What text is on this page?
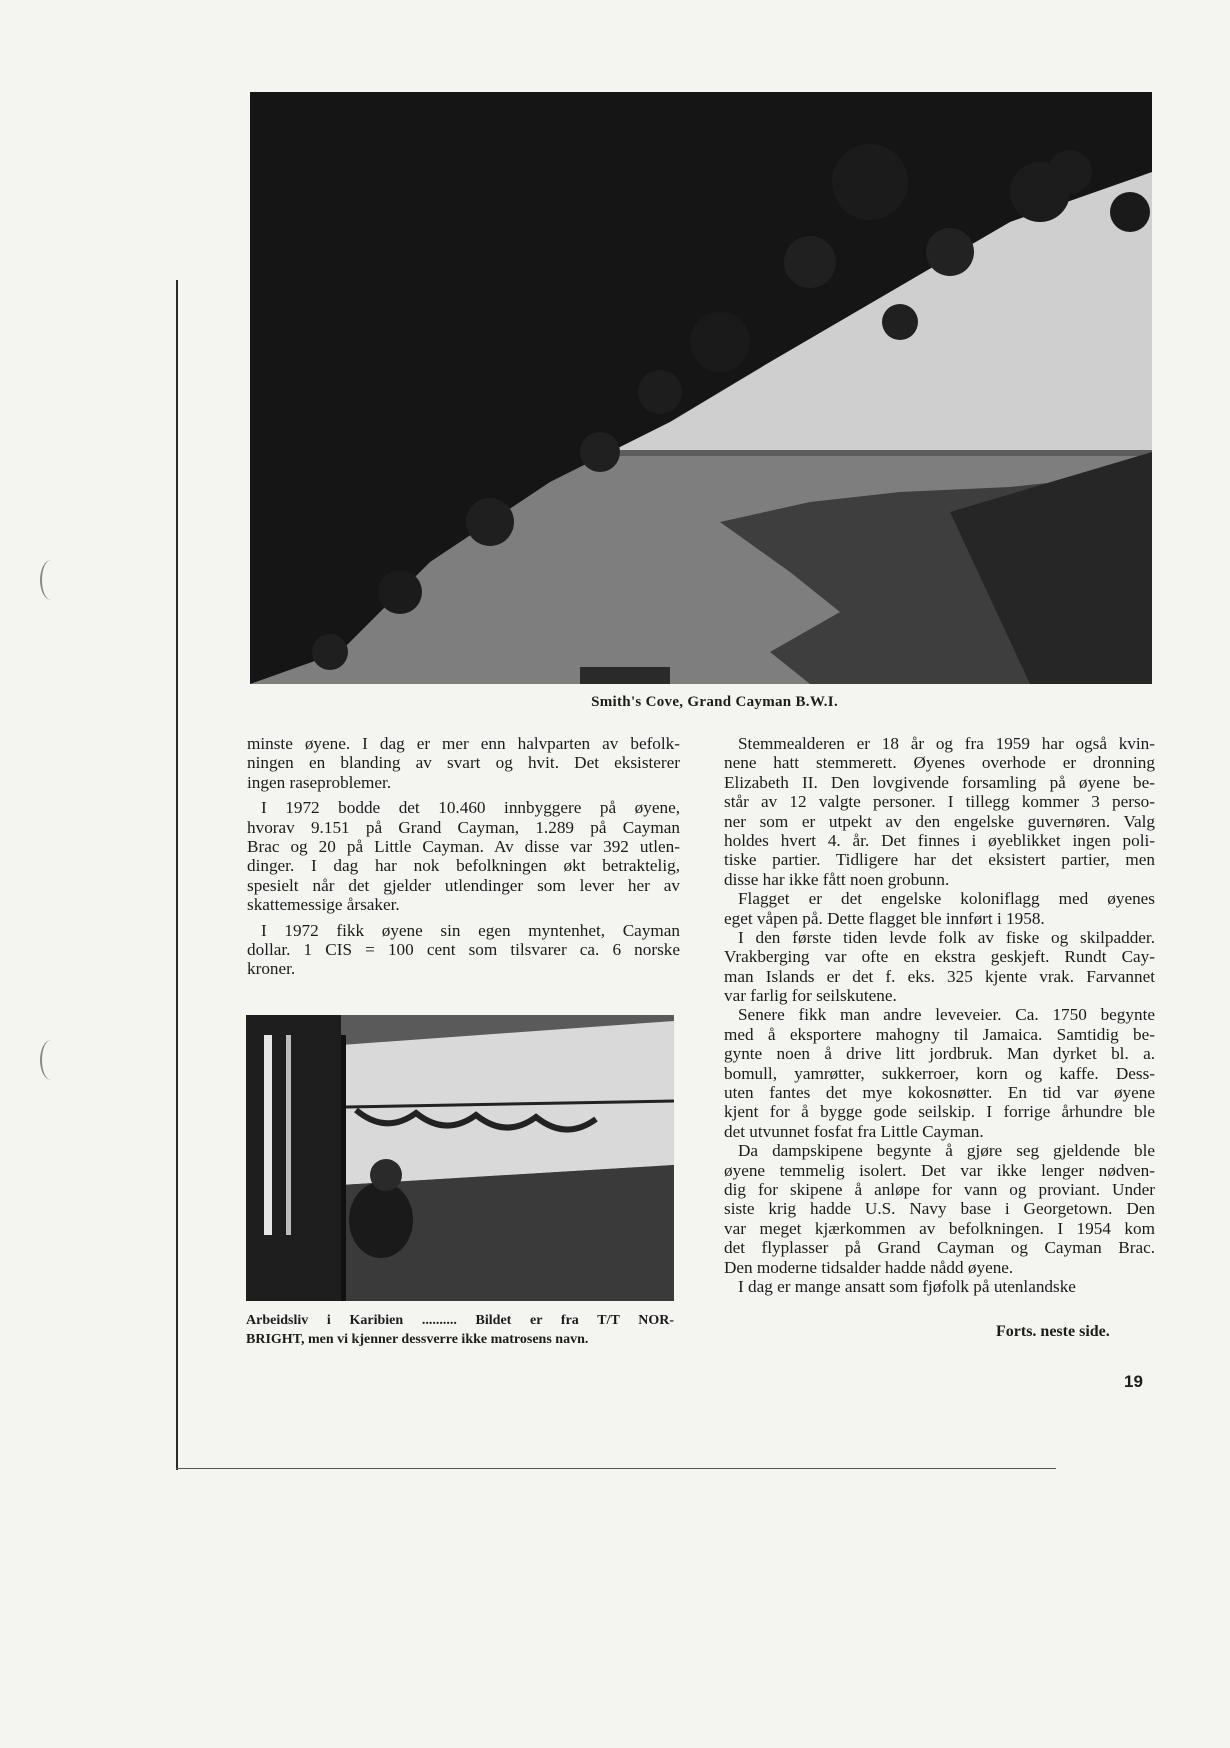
Smith's Cove, Grand Cayman B.W.I.
minste øyene. I dag er mer enn halvparten av befolk-
ningen en blanding av svart og hvit. Det eksisterer
ingen raseproblemer.
I 1972 bodde det 10.460 innbyggere på øyene,
hvorav 9.151 på Grand Cayman, 1.289 på Cayman
Brac og 20 på Little Cayman. Av disse var 392 utlen-
dinger. I dag har nok befolkningen økt betraktelig,
spesielt når det gjelder utlendinger som lever her av
skattemessige årsaker.
I 1972 fikk øyene sin egen myntenhet, Cayman
dollar. 1 CIS = 100 cent som tilsvarer ca. 6 norske
kroner.
Arbeidsliv i Karibien .......... Bildet er fra T/T NOR-
BRIGHT, men vi kjenner dessverre ikke matrosens navn.
Stemmealderen er 18 år og fra 1959 har også kvin-
nene hatt stemmerett. Øyenes overhode er dronning
Elizabeth II. Den lovgivende forsamling på øyene be-
står av 12 valgte personer. I tillegg kommer 3 perso-
ner som er utpekt av den engelske guvernøren. Valg
holdes hvert 4. år. Det finnes i øyeblikket ingen poli-
tiske partier. Tidligere har det eksistert partier, men
disse har ikke fått noen grobunn.
Flagget er det engelske koloniflagg med øyenes
eget våpen på. Dette flagget ble innført i 1958.
I den første tiden levde folk av fiske og skilpadder.
Vrakberging var ofte en ekstra geskjeft. Rundt Cay-
man Islands er det f. eks. 325 kjente vrak. Farvannet
var farlig for seilskutene.
Senere fikk man andre leveveier. Ca. 1750 begynte
med å eksportere mahogny til Jamaica. Samtidig be-
gynte noen å drive litt jordbruk. Man dyrket bl. a.
bomull, yamrøtter, sukkerroer, korn og kaffe. Dess-
uten fantes det mye kokosnøtter. En tid var øyene
kjent for å bygge gode seilskip. I forrige århundre ble
det utvunnet fosfat fra Little Cayman.
Da dampskipene begynte å gjøre seg gjeldende ble
øyene temmelig isolert. Det var ikke lenger nødven-
dig for skipene å anløpe for vann og proviant. Under
siste krig hadde U.S. Navy base i Georgetown. Den
var meget kjærkommen av befolkningen. I 1954 kom
det flyplasser på Grand Cayman og Cayman Brac.
Den moderne tidsalder hadde nådd øyene.
I dag er mange ansatt som fjøfolk på utenlandske
Forts. neste side.
19
